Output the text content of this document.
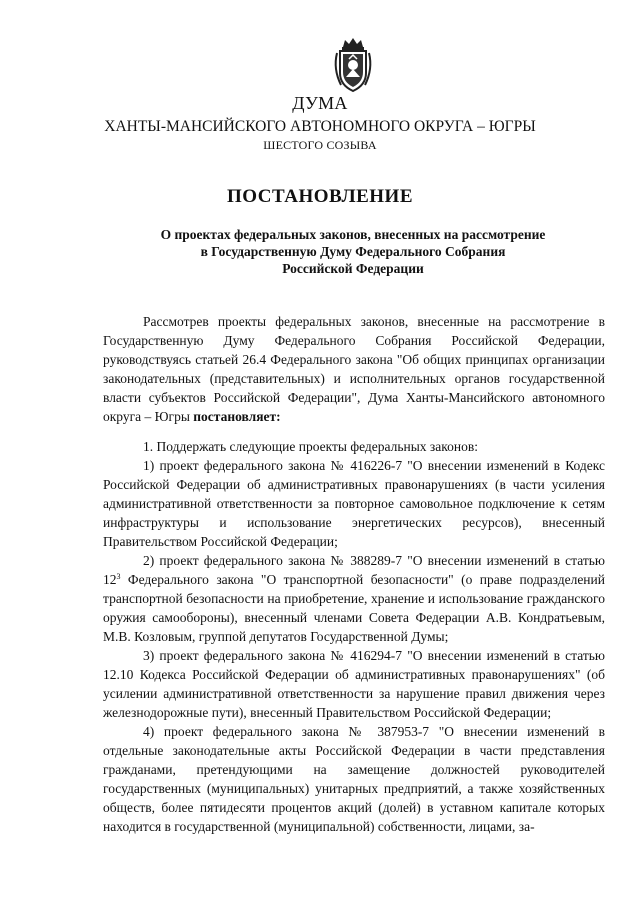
ДУМА
ХАНТЫ-МАНСИЙСКОГО АВТОНОМНОГО ОКРУГА – ЮГРЫ
ШЕСТОГО СОЗЫВА
ПОСТАНОВЛЕНИЕ
О проектах федеральных законов, внесенных на рассмотрение
в Государственную Думу Федерального Собрания
Российской Федерации

Рассмотрев проекты федеральных законов, внесенные на рассмотрение в Государственную Думу Федерального Собрания Российской Федерации, руководствуясь статьей 26.4 Федерального закона "Об общих принципах организации законодательных (представительных) и исполнительных органов государственной власти субъектов Российской Федерации", Дума Ханты-Мансийского автономного округа – Югры постановляет:

1. Поддержать следующие проекты федеральных законов:

1) проект федерального закона № 416226-7 "О внесении изменений в Кодекс Российской Федерации об административных правонарушениях (в части усиления административной ответственности за повторное самовольное подключение к сетям инфраструктуры и использование энергетических ресурсов), внесенный Правительством Российской Федерации;

2) проект федерального закона № 388289-7 "О внесении изменений в статью $12^3$ Федерального закона "О транспортной безопасности" (о праве подразделений транспортной безопасности на приобретение, хранение и использование гражданского оружия самообороны), внесенный членами Совета Федерации А.В. Кондратьевым, М.В. Козловым, группой депутатов Государственной Думы;

3) проект федерального закона № 416294-7 "О внесении изменений в статью 12.10 Кодекса Российской Федерации об административных правонарушениях" (об усилении административной ответственности за нарушение правил движения через железнодорожные пути), внесенный Правительством Российской Федерации;

4) проект федерального закона № 387953-7 "О внесении изменений в отдельные законодательные акты Российской Федерации в части представления гражданами, претендующими на замещение должностей руководителей государственных (муниципальных) унитарных предприятий, а также хозяйственных обществ, более пятидесяти процентов акций (долей) в уставном капитале которых находится в государственной (муниципальной) собственности, лицами, за-
